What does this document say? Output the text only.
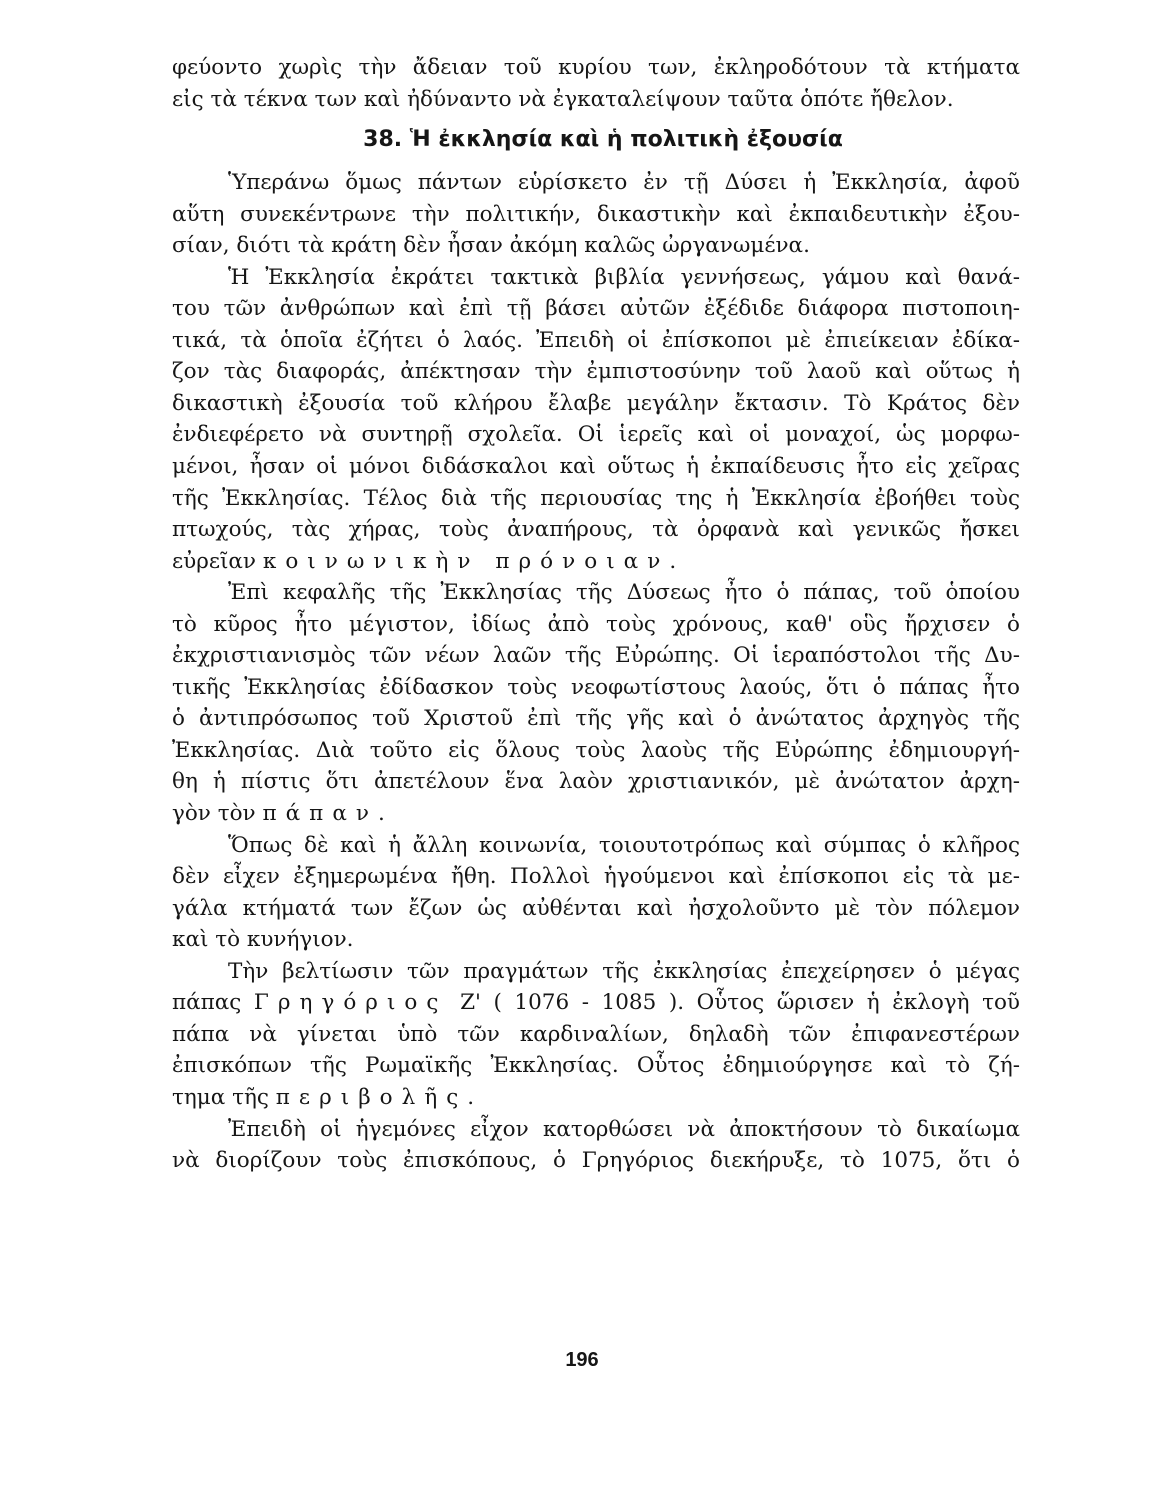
φεύοντο χωρὶς τὴν ἄδειαν τοῦ κυρίου των, ἐκληροδότουν τὰ κτήματα
εἰς τὰ τέκνα των καὶ ἠδύναντο νὰ ἐγκαταλείψουν ταῦτα ὁπότε ἤθελον.
38. Ἡ ἐκκλησία καὶ ἡ πολιτικὴ ἐξουσία
Ὑπεράνω ὅμως πάντων εὑρίσκετο ἐν τῇ Δύσει ἡ Ἐκκλησία, ἀφοῦ
αὕτη συνεκέντρωνε τὴν πολιτικήν, δικαστικὴν καὶ ἐκπαιδευτικὴν ἐξου-
σίαν, διότι τὰ κράτη δὲν ἦσαν ἀκόμη καλῶς ὠργανωμένα.
Ἡ Ἐκκλησία ἐκράτει τακτικὰ βιβλία γεννήσεως, γάμου καὶ θανά-
του τῶν ἀνθρώπων καὶ ἐπὶ τῇ βάσει αὐτῶν ἐξέδιδε διάφορα πιστοποιη-
τικά, τὰ ὁποῖα ἐζήτει ὁ λαός. Ἐπειδὴ οἱ ἐπίσκοποι μὲ ἐπιείκειαν ἐδίκα-
ζον τὰς διαφοράς, ἀπέκτησαν τὴν ἐμπιστοσύνην τοῦ λαοῦ καὶ οὕτως ἡ
δικαστικὴ ἐξουσία τοῦ κλήρου ἔλαβε μεγάλην ἔκτασιν. Τὸ Κράτος δὲν
ἐνδιεφέρετο νὰ συντηρῇ σχολεῖα. Οἱ ἱερεῖς καὶ οἱ μοναχοί, ὡς μορφω-
μένοι, ἦσαν οἱ μόνοι διδάσκαλοι καὶ οὕτως ἡ ἐκπαίδευσις ἦτο εἰς χεῖρας
τῆς Ἐκκλησίας. Τέλος διὰ τῆς περιουσίας της ἡ Ἐκκλησία ἐβοήθει τοὺς
πτωχούς, τὰς χήρας, τοὺς ἀναπήρους, τὰ ὀρφανὰ καὶ γενικῶς ἤσκει
εὐρεῖαν κοινωνικὴν πρόνοιαν.
Ἐπὶ κεφαλῆς τῆς Ἐκκλησίας τῆς Δύσεως ἦτο ὁ πάπας, τοῦ ὁποίου
τὸ κῦρος ἦτο μέγιστον, ἰδίως ἀπὸ τοὺς χρόνους, καθ' οὓς ἤρχισεν ὁ
ἐκχριστιανισμὸς τῶν νέων λαῶν τῆς Εὐρώπης. Οἱ ἱεραπόστολοι τῆς Δυ-
τικῆς Ἐκκλησίας ἐδίδασκον τοὺς νεοφωτίστους λαούς, ὅτι ὁ πάπας ἦτο
ὁ ἀντιπρόσωπος τοῦ Χριστοῦ ἐπὶ τῆς γῆς καὶ ὁ ἀνώτατος ἀρχηγὸς τῆς
Ἐκκλησίας. Διὰ τοῦτο εἰς ὅλους τοὺς λαοὺς τῆς Εὐρώπης ἐδημιουργή-
θη ἡ πίστις ὅτι ἀπετέλουν ἕνα λαὸν χριστιανικόν, μὲ ἀνώτατον ἀρχη-
γὸν τὸν πάπαν.
Ὅπως δὲ καὶ ἡ ἄλλη κοινωνία, τοιουτοτρόπως καὶ σύμπας ὁ κλῆρος
δὲν εἶχεν ἐξημερωμένα ἤθη. Πολλοὶ ἡγούμενοι καὶ ἐπίσκοποι εἰς τὰ με-
γάλα κτήματά των ἔζων ὡς αὐθένται καὶ ἠσχολοῦντο μὲ τὸν πόλεμον
καὶ τὸ κυνήγιον.
Τὴν βελτίωσιν τῶν πραγμάτων τῆς ἐκκλησίας ἐπεχείρησεν ὁ μέγας
πάπας Γρηγόριος Ζ' ( 1076 - 1085 ). Οὗτος ὥρισεν ἡ ἐκλογὴ τοῦ
πάπα νὰ γίνεται ὑπὸ τῶν καρδιναλίων, δηλαδὴ τῶν ἐπιφανεστέρων
ἐπισκόπων τῆς Ρωμαϊκῆς Ἐκκλησίας. Οὗτος ἐδημιούργησε καὶ τὸ ζή-
τημα τῆς περιβολῆς.
Ἐπειδὴ οἱ ἡγεμόνες εἶχον κατορθώσει νὰ ἀποκτήσουν τὸ δικαίωμα
νὰ διορίζουν τοὺς ἐπισκόπους, ὁ Γρηγόριος διεκήρυξε, τὸ 1075, ὅτι ὁ
196
